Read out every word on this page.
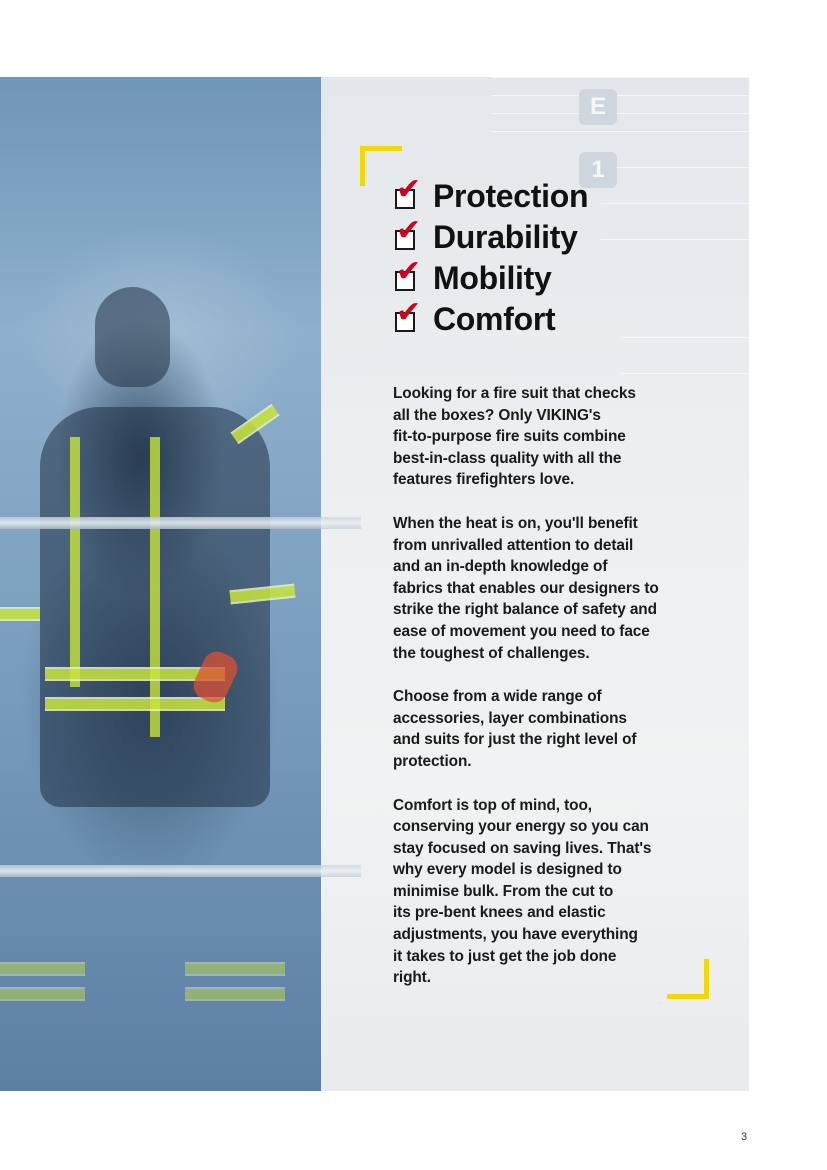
E
1
✔ Protection
✔ Durability
✔ Mobility
✔ Comfort

Looking for a fire suit that checks
all the boxes? Only VIKING's
fit-to-purpose fire suits combine
best-in-class quality with all the
features firefighters love.

When the heat is on, you'll benefit
from unrivalled attention to detail
and an in-depth knowledge of
fabrics that enables our designers to
strike the right balance of safety and
ease of movement you need to face
the toughest of challenges.

Choose from a wide range of
accessories, layer combinations
and suits for just the right level of
protection.

Comfort is top of mind, too,
conserving your energy so you can
stay focused on saving lives. That's
why every model is designed to
minimise bulk. From the cut to
its pre-bent knees and elastic
adjustments, you have everything
it takes to just get the job done
right.

3
